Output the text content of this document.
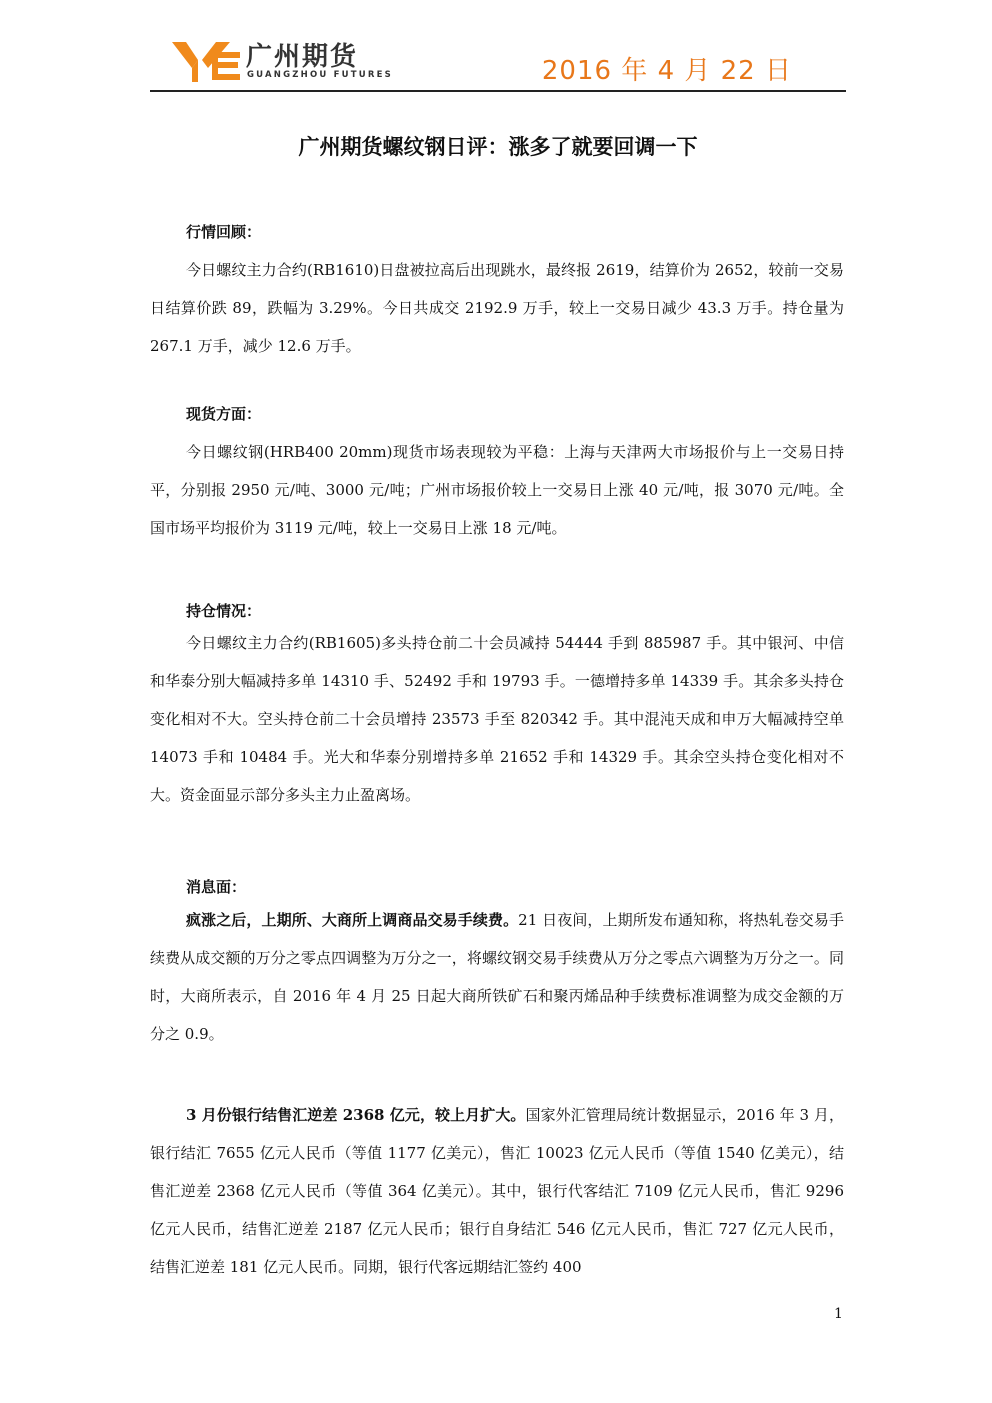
广州期货
GUANGZHOU FUTURES	2016 年 4 月 22 日
广州期货螺纹钢日评：涨多了就要回调一下
行情回顾：

今日螺纹主力合约(RB1610)日盘被拉高后出现跳水，最终报 2619，结算价为 2652，较前一交易日结算价跌 89，跌幅为 3.29%。今日共成交 2192.9 万手，较上一交易日减少 43.3 万手。持仓量为 267.1 万手，减少 12.6 万手。

现货方面：

今日螺纹钢(HRB400 20mm)现货市场表现较为平稳：上海与天津两大市场报价与上一交易日持平，分别报 2950 元/吨、3000 元/吨；广州市场报价较上一交易日上涨 40 元/吨，报 3070 元/吨。全国市场平均报价为 3119 元/吨，较上一交易日上涨 18 元/吨。

持仓情况：

今日螺纹主力合约(RB1605)多头持仓前二十会员减持 54444 手到 885987 手。其中银河、中信和华泰分别大幅减持多单 14310 手、52492 手和 19793 手。一德增持多单 14339 手。其余多头持仓变化相对不大。空头持仓前二十会员增持 23573 手至 820342 手。其中混沌天成和申万大幅减持空单 14073 手和 10484 手。光大和华泰分别增持多单 21652 手和 14329 手。其余空头持仓变化相对不大。资金面显示部分多头主力止盈离场。

消息面：

疯涨之后，上期所、大商所上调商品交易手续费。21 日夜间，上期所发布通知称，将热轧卷交易手续费从成交额的万分之零点四调整为万分之一，将螺纹钢交易手续费从万分之零点六调整为万分之一。同时，大商所表示，自 2016 年 4 月 25 日起大商所铁矿石和聚丙烯品种手续费标准调整为成交金额的万分之 0.9。

3 月份银行结售汇逆差 2368 亿元，较上月扩大。国家外汇管理局统计数据显示，2016 年 3 月，银行结汇 7655 亿元人民币（等值 1177 亿美元），售汇 10023 亿元人民币（等值 1540 亿美元），结售汇逆差 2368 亿元人民币（等值 364 亿美元）。其中，银行代客结汇 7109 亿元人民币，售汇 9296 亿元人民币，结售汇逆差 2187 亿元人民币；银行自身结汇 546 亿元人民币，售汇 727 亿元人民币，结售汇逆差 181 亿元人民币。同期，银行代客远期结汇签约 400

1
